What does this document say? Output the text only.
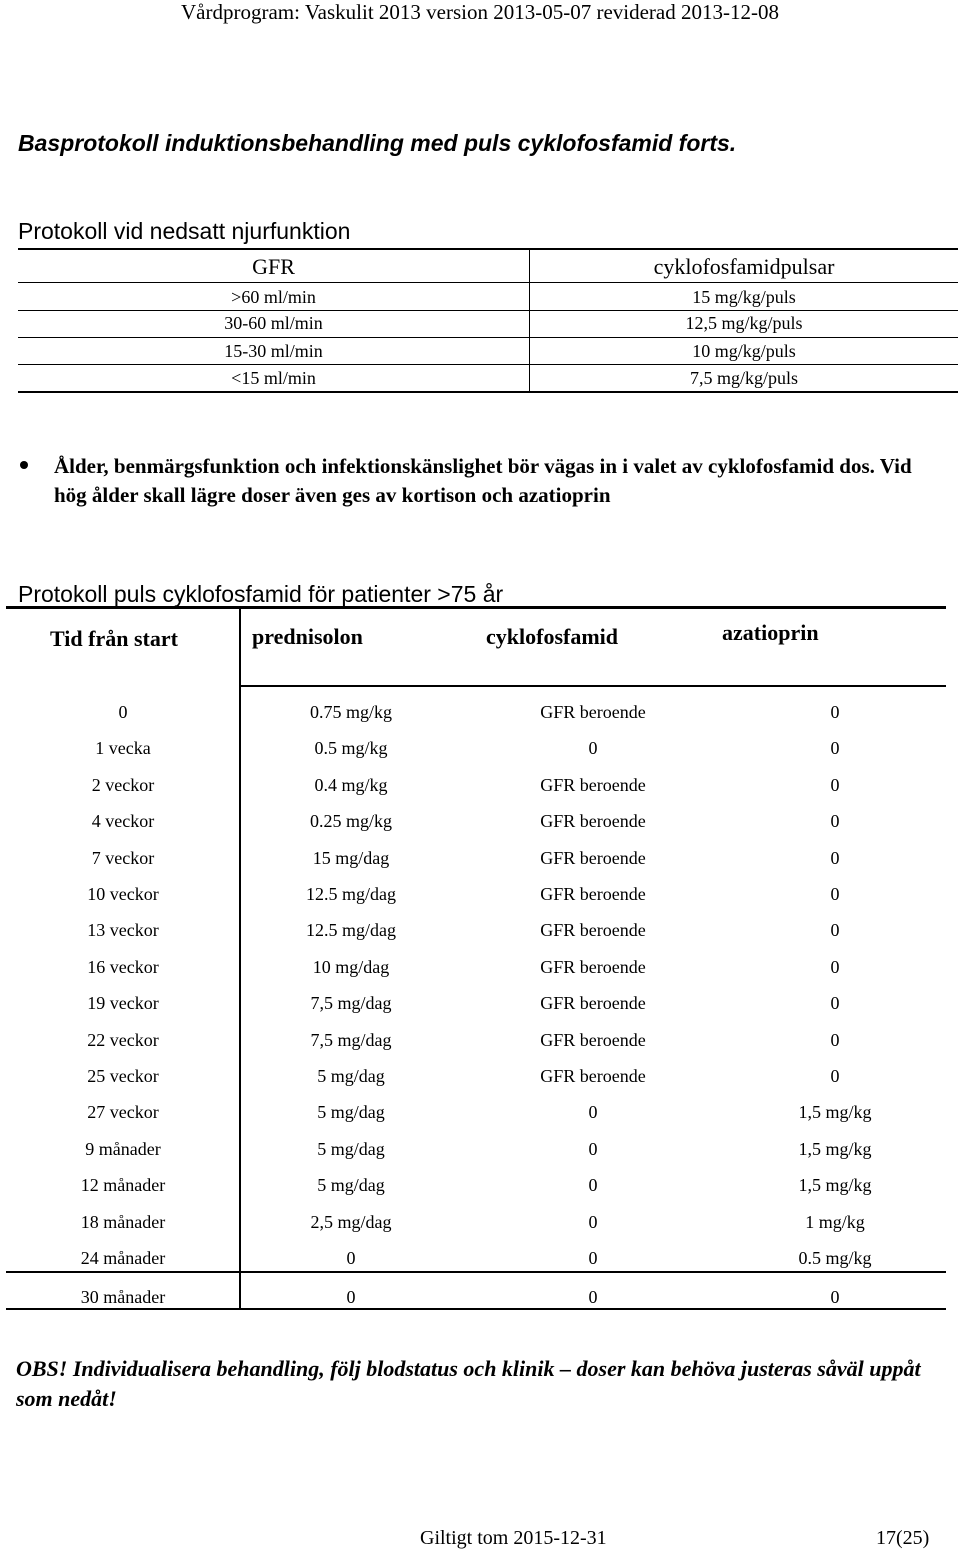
Vårdprogram: Vaskulit 2013 version 2013-05-07 reviderad 2013-12-08
Basprotokoll induktionsbehandling med puls cyklofosfamid forts.
Protokoll vid nedsatt njurfunktion
GFR	cyklofosfamidpulsar
>60 ml/min	15 mg/kg/puls
30-60 ml/min	12,5 mg/kg/puls
15-30 ml/min	10 mg/kg/puls
<15 ml/min	7,5 mg/kg/puls
Ålder, benmärgsfunktion och infektionskänslighet bör vägas in i valet av cyklofosfamid dos. Vid hög ålder skall lägre doser även ges av kortison och azatioprin
Protokoll puls cyklofosfamid för patienter >75 år
Tid från start	prednisolon	cyklofosfamid	azatioprin
0	0.75 mg/kg	GFR beroende	0
1 vecka	0.5 mg/kg	0	0
2 veckor	0.4 mg/kg	GFR beroende	0
4 veckor	0.25 mg/kg	GFR beroende	0
7 veckor	15 mg/dag	GFR beroende	0
10 veckor	12.5 mg/dag	GFR beroende	0
13 veckor	12.5 mg/dag	GFR beroende	0
16 veckor	10 mg/dag	GFR beroende	0
19 veckor	7,5 mg/dag	GFR beroende	0
22 veckor	7,5 mg/dag	GFR beroende	0
25 veckor	5 mg/dag	GFR beroende	0
27 veckor	5 mg/dag	0	1,5 mg/kg
9 månader	5 mg/dag	0	1,5 mg/kg
12 månader	5 mg/dag	0	1,5 mg/kg
18 månader	2,5 mg/dag	0	1 mg/kg
24 månader	0	0	0.5 mg/kg
30 månader	0	0	0
OBS! Individualisera behandling, följ blodstatus och klinik – doser kan behöva justeras såväl uppåt som nedåt!
Giltigt tom 2015-12-31	17(25)
